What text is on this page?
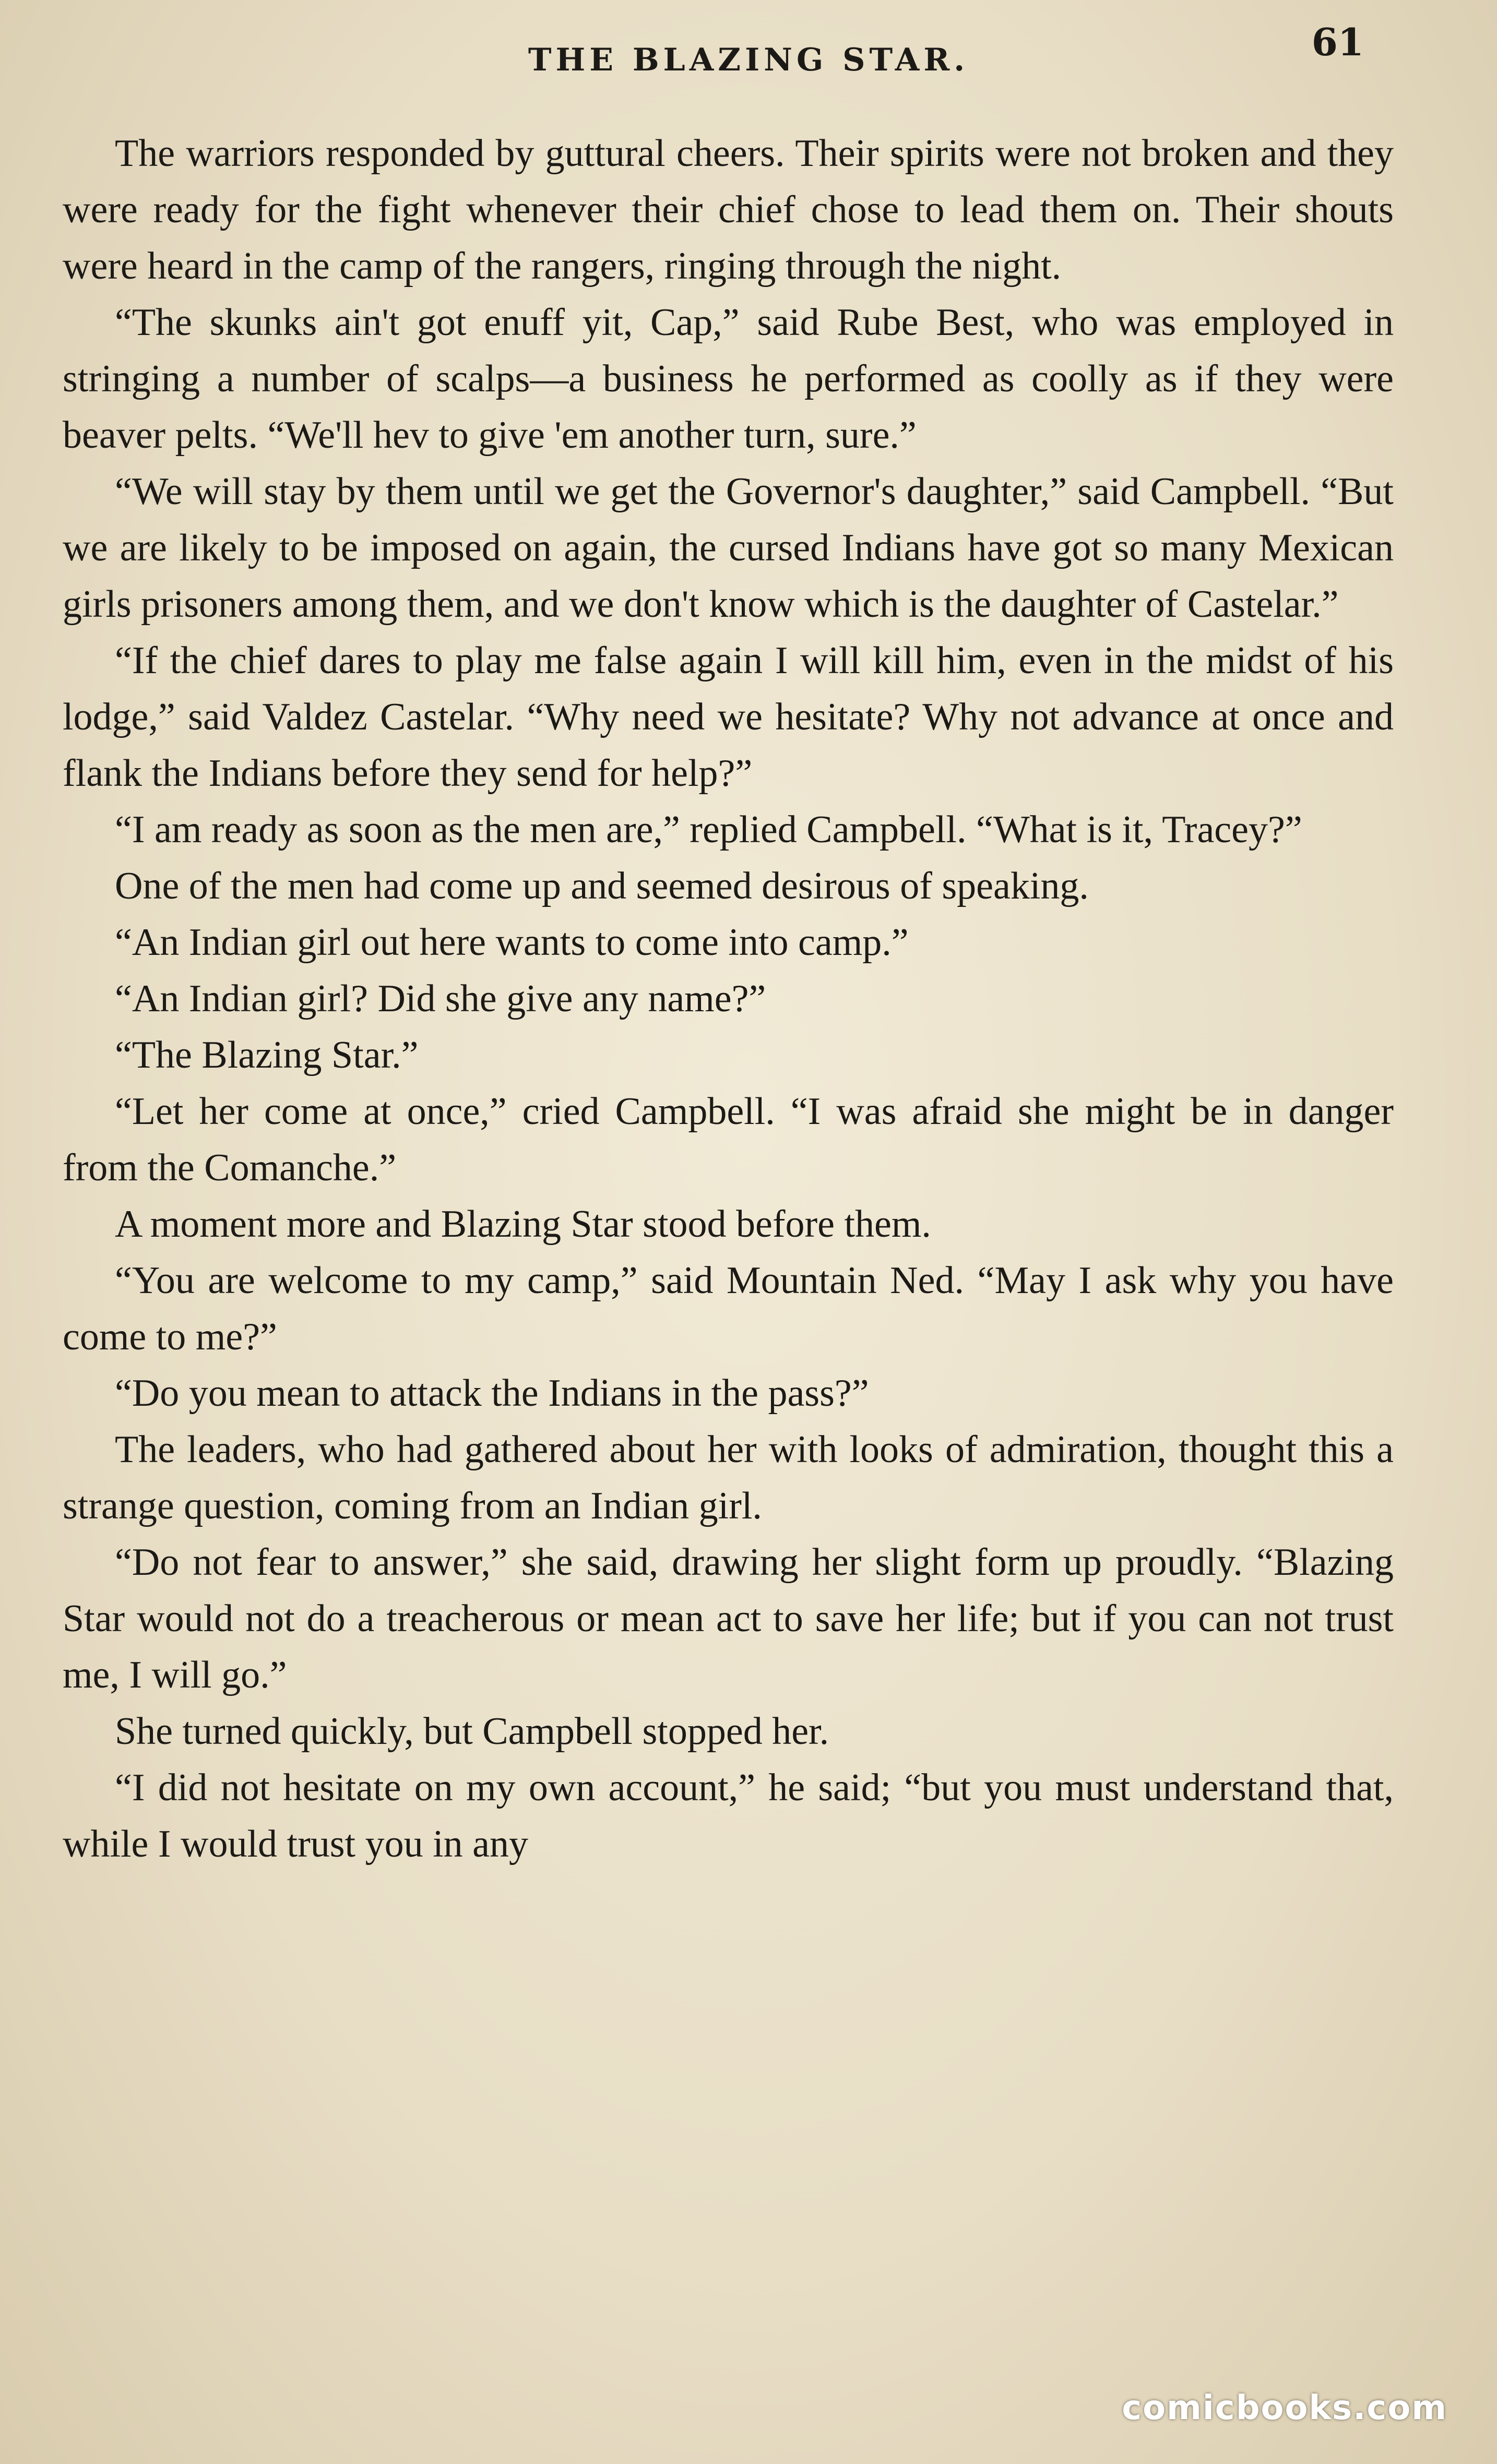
THE BLAZING STAR.	61

The warriors responded by guttural cheers. Their spirits were not broken and they were ready for the fight whenever their chief chose to lead them on. Their shouts were heard in the camp of the rangers, ringing through the night.

“The skunks ain't got enuff yit, Cap,” said Rube Best, who was employed in stringing a number of scalps—a business he performed as coolly as if they were beaver pelts. “We'll hev to give 'em another turn, sure.”

“We will stay by them until we get the Governor's daughter,” said Campbell. “But we are likely to be imposed on again, the cursed Indians have got so many Mexican girls prisoners among them, and we don't know which is the daughter of Castelar.”

“If the chief dares to play me false again I will kill him, even in the midst of his lodge,” said Valdez Castelar. “Why need we hesitate? Why not advance at once and flank the Indians before they send for help?”

“I am ready as soon as the men are,” replied Campbell. “What is it, Tracey?”

One of the men had come up and seemed desirous of speaking.

“An Indian girl out here wants to come into camp.”

“An Indian girl? Did she give any name?”

“The Blazing Star.”

“Let her come at once,” cried Campbell. “I was afraid she might be in danger from the Comanche.”

A moment more and Blazing Star stood before them.

“You are welcome to my camp,” said Mountain Ned. “May I ask why you have come to me?”

“Do you mean to attack the Indians in the pass?”

The leaders, who had gathered about her with looks of admiration, thought this a strange question, coming from an Indian girl.

“Do not fear to answer,” she said, drawing her slight form up proudly. “Blazing Star would not do a treacherous or mean act to save her life; but if you can not trust me, I will go.”

She turned quickly, but Campbell stopped her.

“I did not hesitate on my own account,” he said; “but you must understand that, while I would trust you in any

comicbooks.com
